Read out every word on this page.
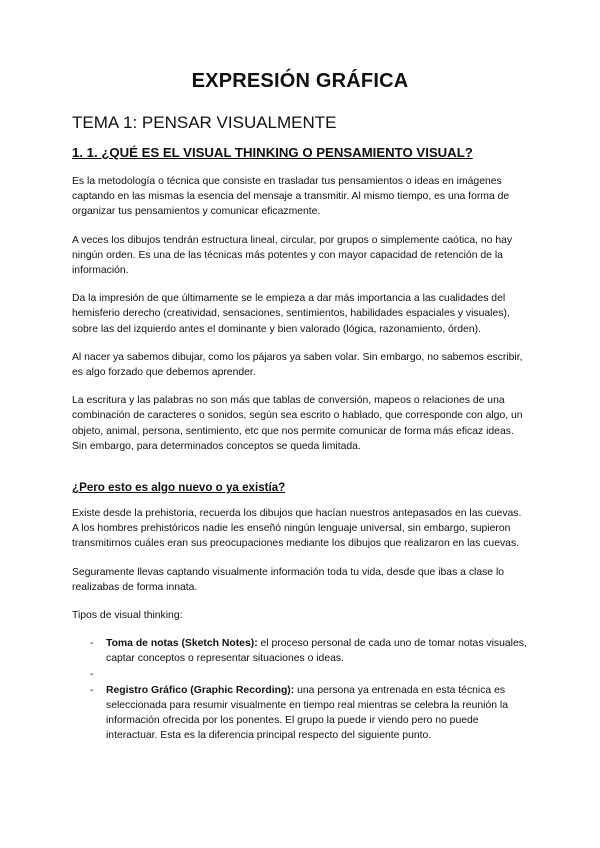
EXPRESIÓN GRÁFICA
TEMA 1: PENSAR VISUALMENTE
1. 1. ¿QUÉ ES EL VISUAL THINKING O PENSAMIENTO VISUAL?

Es la metodología o técnica que consiste en trasladar tus pensamientos o ideas en imágenes captando en las mismas la esencia del mensaje a transmitir. Al mismo tiempo, es una forma de organizar tus pensamientos y comunicar eficazmente.

A veces los dibujos tendrán estructura lineal, circular, por grupos o simplemente caótica, no hay ningún orden. Es una de las técnicas más potentes y con mayor capacidad de retención de la información.

Da la impresión de que últimamente se le empieza a dar más importancia a las cualidades del hemisferio derecho (creatividad, sensaciones, sentimientos, habilidades espaciales y visuales), sobre las del izquierdo antes el dominante y bien valorado (lógica, razonamiento, órden).

Al nacer ya sabemos dibujar, como los pájaros ya saben volar. Sin embargo, no sabemos escribir, es algo forzado que debemos aprender.

La escritura y las palabras no son más que tablas de conversión, mapeos o relaciones de una combinación de caracteres o sonidos, según sea escrito o hablado, que corresponde con algo, un objeto, animal, persona, sentimiento, etc que nos permite comunicar de forma más eficaz ideas. Sin embargo, para determinados conceptos se queda limitada.

¿Pero esto es algo nuevo o ya existía?

Existe desde la prehistoria, recuerda los dibujos que hacían nuestros antepasados en las cuevas. A los hombres prehistóricos nadie les enseñó ningún lenguaje universal, sin embargo, supieron transmitirnos cuáles eran sus preocupaciones mediante los dibujos que realizaron en las cuevas.

Seguramente llevas captando visualmente información toda tu vida, desde que ibas a clase lo realizabas de forma innata.

Tipos de visual thinking:

- Toma de notas (Sketch Notes): el proceso personal de cada uno de tomar notas visuales, captar conceptos o representar situaciones o ideas.
-
- Registro Gráfico (Graphic Recording): una persona ya entrenada en esta técnica es seleccionada para resumir visualmente en tiempo real mientras se celebra la reunión la información ofrecida por los ponentes. El grupo la puede ir viendo pero no puede interactuar. Esta es la diferencia principal respecto del siguiente punto.
